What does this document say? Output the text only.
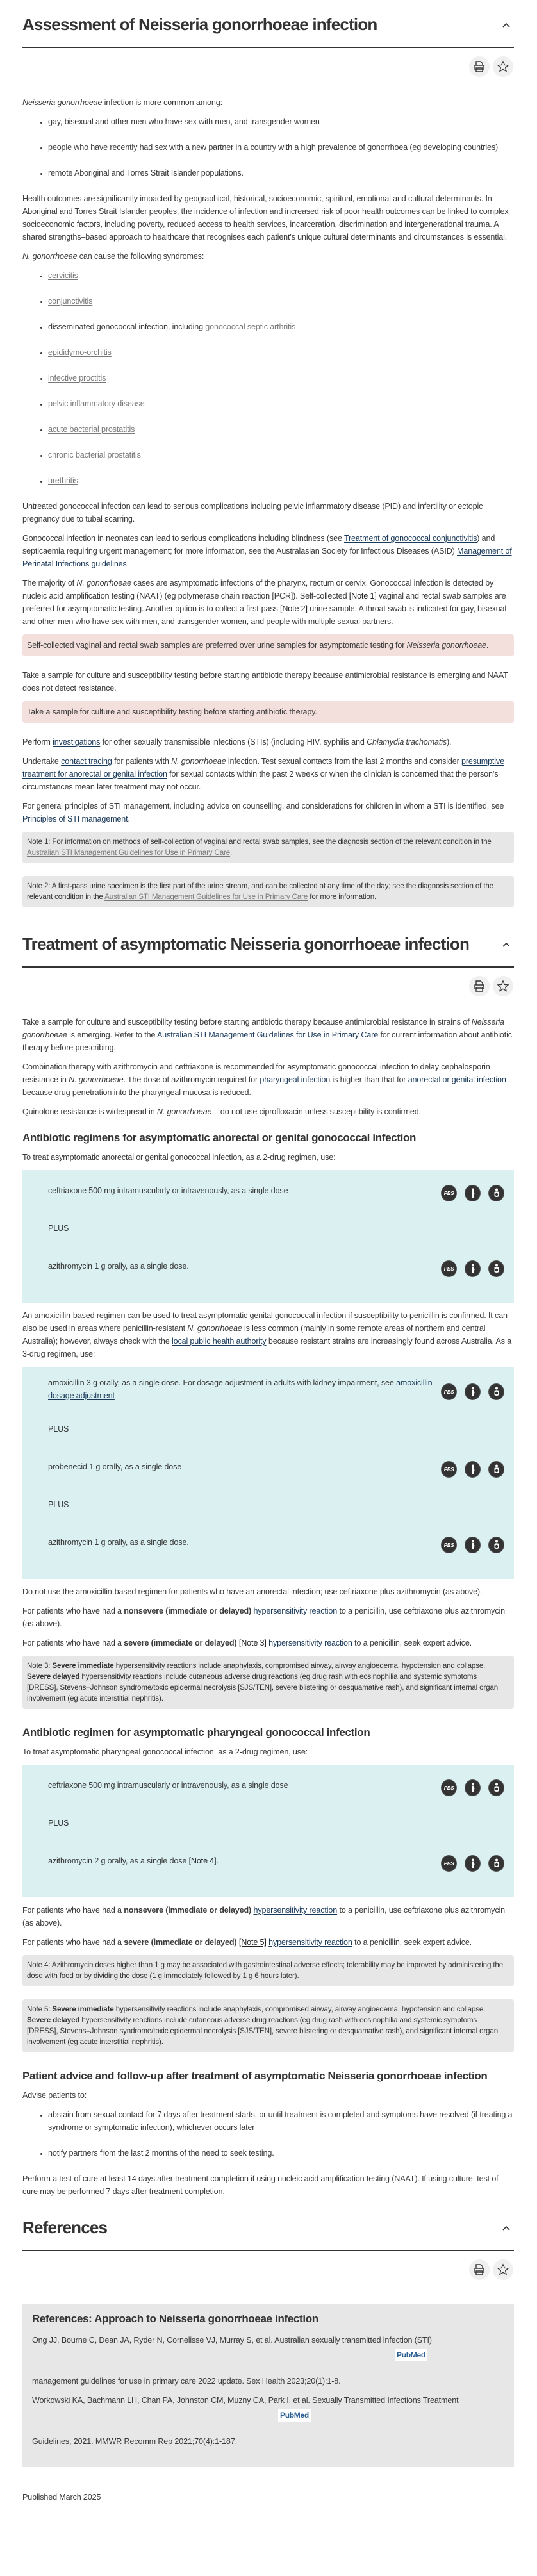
Assessment of Neisseria gonorrhoeae infection

Neisseria gonorrhoeae infection is more common among:

• gay, bisexual and other men who have sex with men, and transgender women
• people who have recently had sex with a new partner in a country with a high prevalence of gonorrhoea (eg developing countries)
• remote Aboriginal and Torres Strait Islander populations.

Health outcomes are significantly impacted by geographical, historical, socioeconomic, spiritual, emotional and cultural determinants. In Aboriginal and Torres Strait Islander peoples, the incidence of infection and increased risk of poor health outcomes can be linked to complex socioeconomic factors, including poverty, reduced access to health services, incarceration, discrimination and intergenerational trauma. A shared strengths–based approach to healthcare that recognises each patient's unique cultural determinants and circumstances is essential.

N. gonorrhoeae can cause the following syndromes:

• cervicitis
• conjunctivitis
• disseminated gonococcal infection, including gonococcal septic arthritis
• epididymo-orchitis
• infective proctitis
• pelvic inflammatory disease
• acute bacterial prostatitis
• chronic bacterial prostatitis
• urethritis.

Untreated gonococcal infection can lead to serious complications including pelvic inflammatory disease (PID) and infertility or ectopic pregnancy due to tubal scarring.

Gonococcal infection in neonates can lead to serious complications including blindness (see Treatment of gonococcal conjunctivitis) and septicaemia requiring urgent management; for more information, see the Australasian Society for Infectious Diseases (ASID) Management of Perinatal Infections guidelines.

The majority of N. gonorrhoeae cases are asymptomatic infections of the pharynx, rectum or cervix. Gonococcal infection is detected by nucleic acid amplification testing (NAAT) (eg polymerase chain reaction [PCR]). Self-collected [Note 1] vaginal and rectal swab samples are preferred for asymptomatic testing. Another option is to collect a first-pass [Note 2] urine sample. A throat swab is indicated for gay, bisexual and other men who have sex with men, and transgender women, and people with multiple sexual partners.

Self-collected vaginal and rectal swab samples are preferred over urine samples for asymptomatic testing for Neisseria gonorrhoeae.

Take a sample for culture and susceptibility testing before starting antibiotic therapy because antimicrobial resistance is emerging and NAAT does not detect resistance.

Take a sample for culture and susceptibility testing before starting antibiotic therapy.

Perform investigations for other sexually transmissible infections (STIs) (including HIV, syphilis and Chlamydia trachomatis).

Undertake contact tracing for patients with N. gonorrhoeae infection. Test sexual contacts from the last 2 months and consider presumptive treatment for anorectal or genital infection for sexual contacts within the past 2 weeks or when the clinician is concerned that the person’s circumstances mean later treatment may not occur.

For general principles of STI management, including advice on counselling, and considerations for children in whom a STI is identified, see Principles of STI management.

Note 1: For information on methods of self-collection of vaginal and rectal swab samples, see the diagnosis section of the relevant condition in the Australian STI Management Guidelines for Use in Primary Care.
Note 2: A first-pass urine specimen is the first part of the urine stream, and can be collected at any time of the day; see the diagnosis section of the relevant condition in the Australian STI Management Guidelines for Use in Primary Care for more information.
Treatment of asymptomatic Neisseria gonorrhoeae infection

Take a sample for culture and susceptibility testing before starting antibiotic therapy because antimicrobial resistance in strains of Neisseria gonorrhoeae is emerging. Refer to the Australian STI Management Guidelines for Use in Primary Care for current information about antibiotic therapy before prescribing.

Combination therapy with azithromycin and ceftriaxone is recommended for asymptomatic gonococcal infection to delay cephalosporin resistance in N. gonorrhoeae. The dose of azithromycin required for pharyngeal infection is higher than that for anorectal or genital infection because drug penetration into the pharyngeal mucosa is reduced.

Quinolone resistance is widespread in N. gonorrhoeae – do not use ciprofloxacin unless susceptibility is confirmed.

Antibiotic regimens for asymptomatic anorectal or genital gonococcal infection

To treat asymptomatic anorectal or genital gonococcal infection, as a 2-drug regimen, use:

ceftriaxone 500 mg intramuscularly or intravenously, as a single dose	PBS
PLUS
azithromycin 1 g orally, as a single dose.	PBS

An amoxicillin-based regimen can be used to treat asymptomatic genital gonococcal infection if susceptibility to penicillin is confirmed. It can also be used in areas where penicillin-resistant N. gonorrhoeae is less common (mainly in some remote areas of northern and central Australia); however, always check with the local public health authority because resistant strains are increasingly found across Australia. As a 3-drug regimen, use:

amoxicillin 3 g orally, as a single dose. For dosage adjustment in adults with kidney impairment, see amoxicillin dosage adjustment	PBS
PLUS
probenecid 1 g orally, as a single dose	PBS
PLUS
azithromycin 1 g orally, as a single dose.	PBS

Do not use the amoxicillin-based regimen for patients who have an anorectal infection; use ceftriaxone plus azithromycin (as above).

For patients who have had a nonsevere (immediate or delayed) hypersensitivity reaction to a penicillin, use ceftriaxone plus azithromycin (as above).

For patients who have had a severe (immediate or delayed) [Note 3] hypersensitivity reaction to a penicillin, seek expert advice.

Note 3: Severe immediate hypersensitivity reactions include anaphylaxis, compromised airway, airway angioedema, hypotension and collapse. Severe delayed hypersensitivity reactions include cutaneous adverse drug reactions (eg drug rash with eosinophilia and systemic symptoms [DRESS], Stevens–Johnson syndrome/toxic epidermal necrolysis [SJS/TEN], severe blistering or desquamative rash), and significant internal organ involvement (eg acute interstitial nephritis).
Antibiotic regimen for asymptomatic pharyngeal gonococcal infection

To treat asymptomatic pharyngeal gonococcal infection, as a 2-drug regimen, use:

ceftriaxone 500 mg intramuscularly or intravenously, as a single dose	PBS
PLUS
azithromycin 2 g orally, as a single dose [Note 4].	PBS

For patients who have had a nonsevere (immediate or delayed) hypersensitivity reaction to a penicillin, use ceftriaxone plus azithromycin (as above).

For patients who have had a severe (immediate or delayed) [Note 5] hypersensitivity reaction to a penicillin, seek expert advice.

Note 4: Azithromycin doses higher than 1 g may be associated with gastrointestinal adverse effects; tolerability may be improved by administering the dose with food or by dividing the dose (1 g immediately followed by 1 g 6 hours later).
Note 5: Severe immediate hypersensitivity reactions include anaphylaxis, compromised airway, airway angioedema, hypotension and collapse. Severe delayed hypersensitivity reactions include cutaneous adverse drug reactions (eg drug rash with eosinophilia and systemic symptoms [DRESS], Stevens–Johnson syndrome/toxic epidermal necrolysis [SJS/TEN], severe blistering or desquamative rash), and significant internal organ involvement (eg acute interstitial nephritis).
Patient advice and follow-up after treatment of asymptomatic Neisseria gonorrhoeae infection

Advise patients to:

• abstain from sexual contact for 7 days after treatment starts, or until treatment is completed and symptoms have resolved (if treating a syndrome or symptomatic infection), whichever occurs later
• notify partners from the last 2 months of the need to seek testing.

Perform a test of cure at least 14 days after treatment completion if using nucleic acid amplification testing (NAAT). If using culture, test of cure may be performed 7 days after treatment completion.

References
References: Approach to Neisseria gonorrhoeae infection

Ong JJ, Bourne C, Dean JA, Ryder N, Cornelisse VJ, Murray S, et al. Australian sexually transmitted infection (STI)

PubMed

management guidelines for use in primary care 2022 update. Sex Health 2023;20(1):1-8.

Workowski KA, Bachmann LH, Chan PA, Johnston CM, Muzny CA, Park I, et al. Sexually Transmitted Infections Treatment

PubMed

Guidelines, 2021. MMWR Recomm Rep 2021;70(4):1-187.

Published March 2025
